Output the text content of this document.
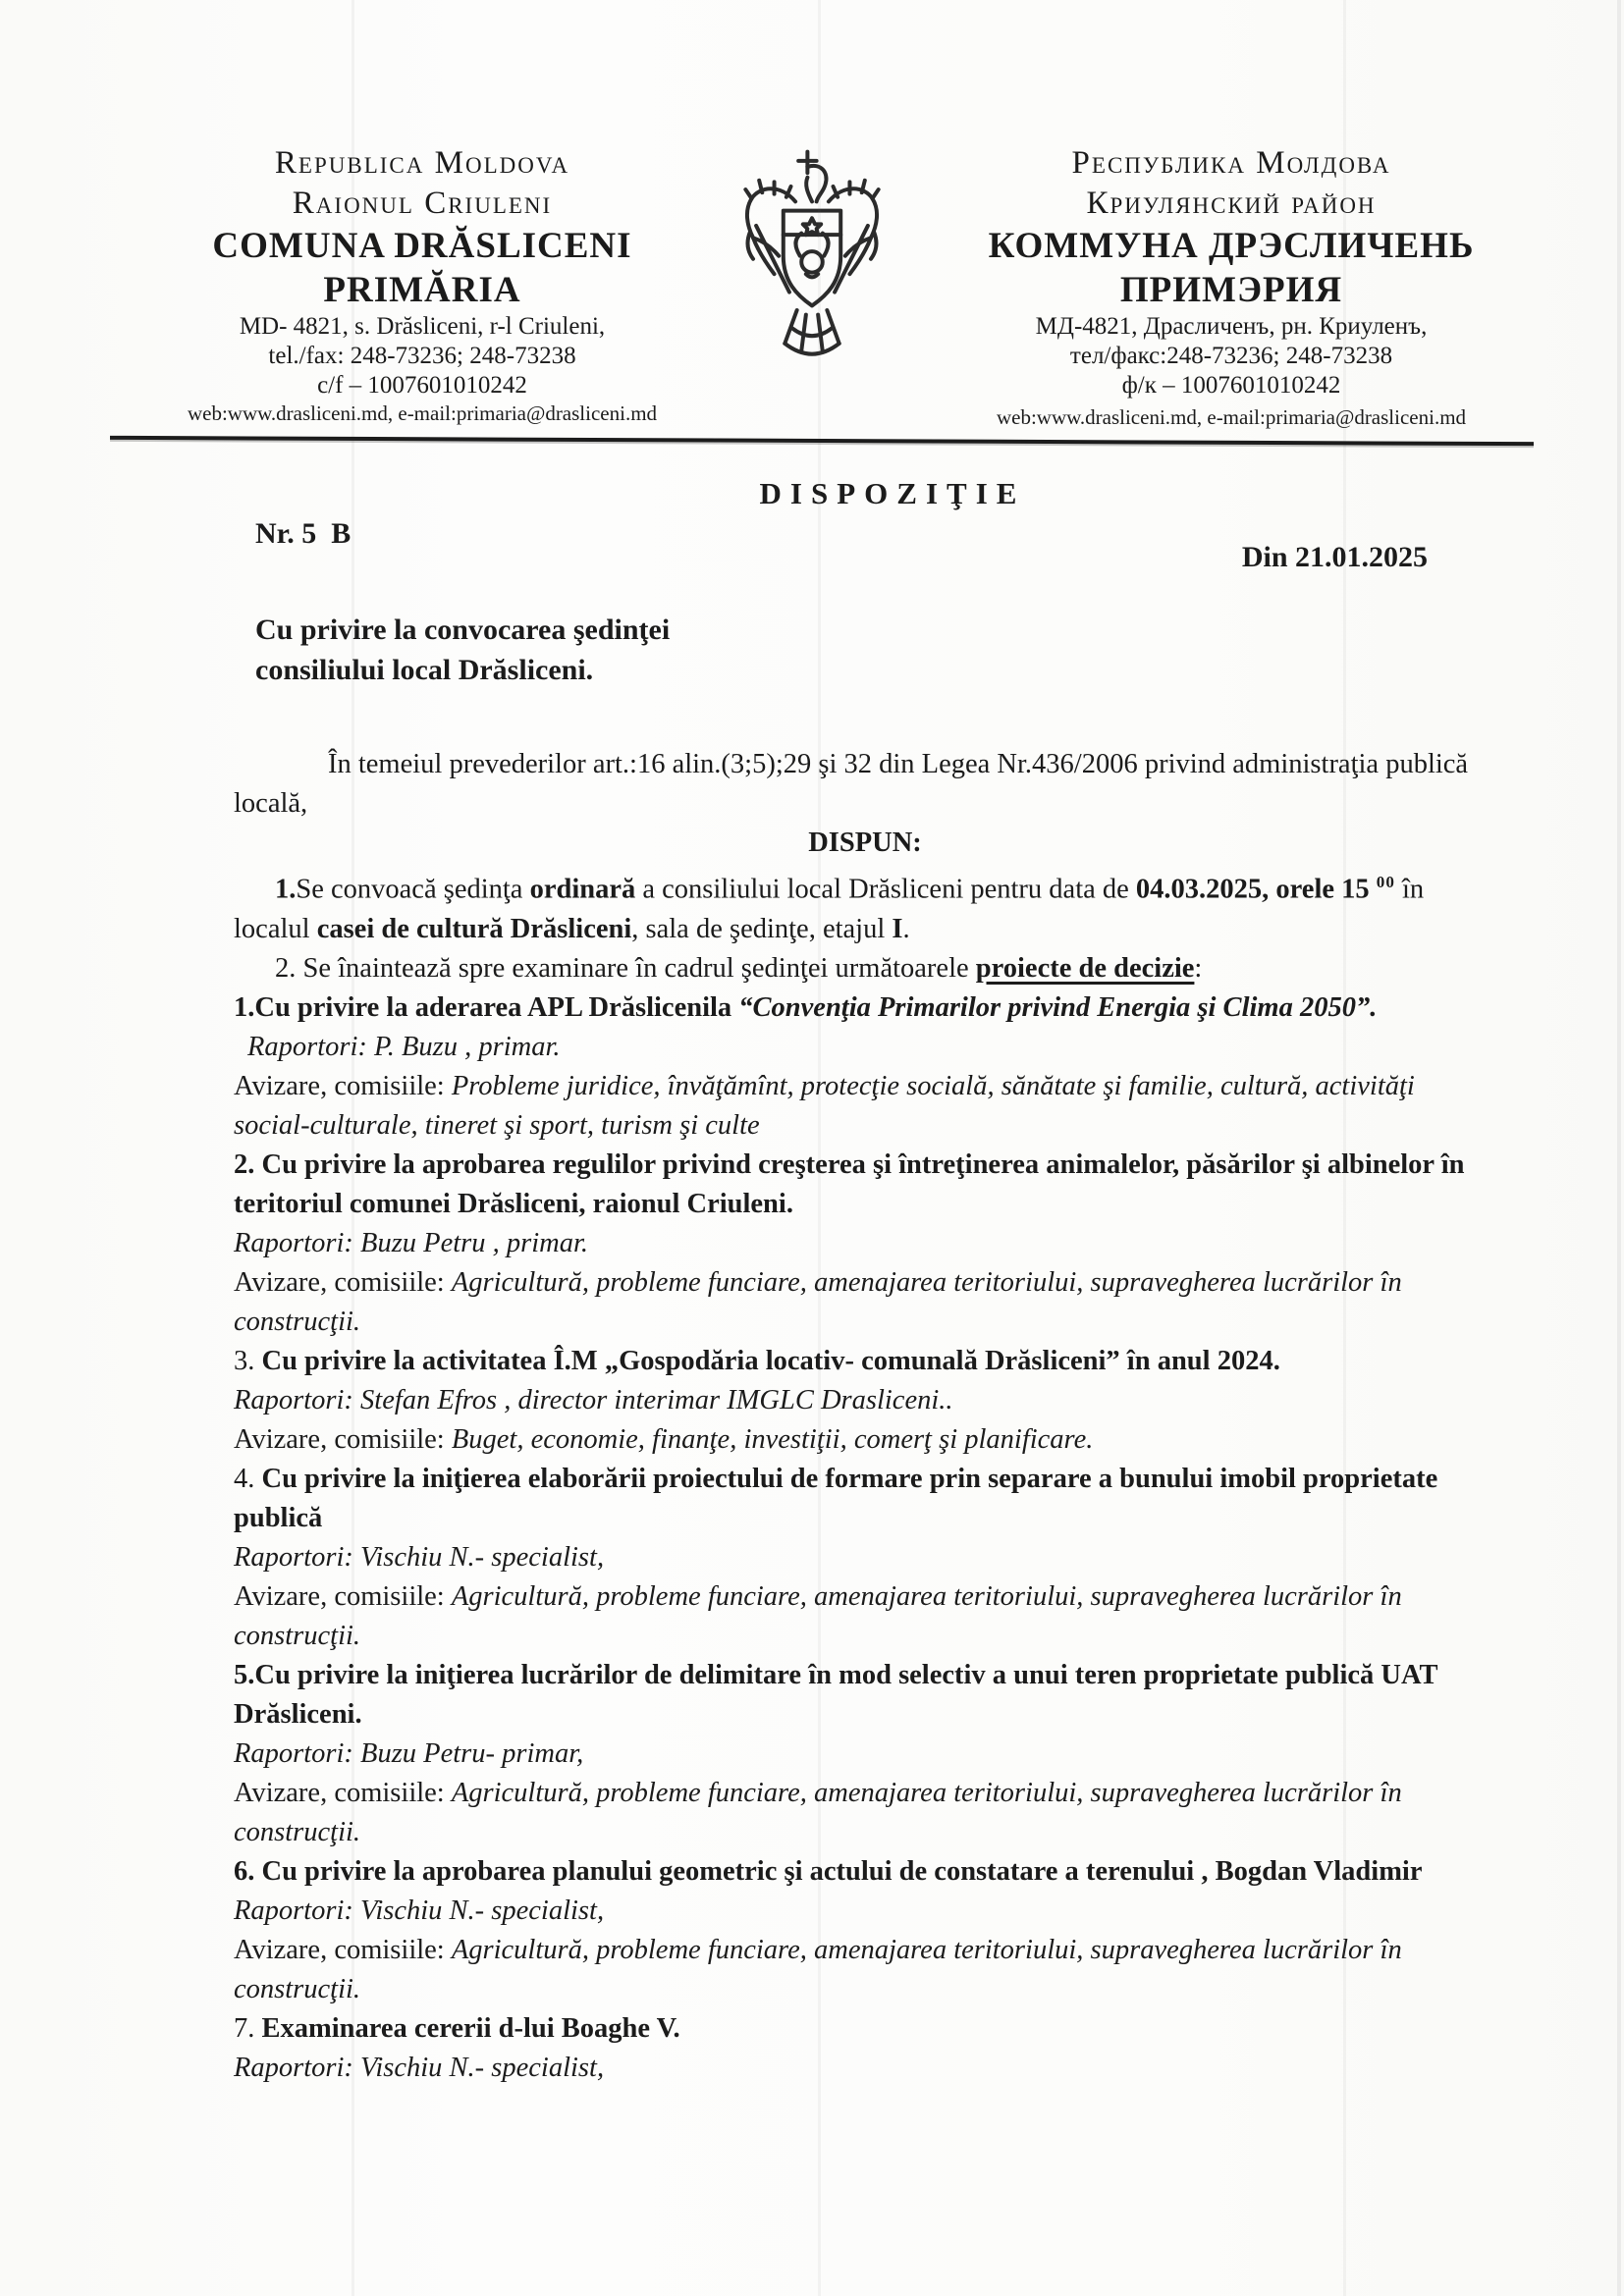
Republica Moldova
Raionul Criuleni
COMUNA DRĂSLICENI
PRIMĂRIA
MD- 4821, s. Drăsliceni, r-l Criuleni,
tel./fax: 248-73236; 248-73238
c/f – 1007601010242
web:www.drasliceni.md, e-mail:primaria@drasliceni.md
Республика Молдова
Криулянский район
КОММУНА ДРЭСЛИЧЕНЬ
ПРИМЭРИЯ
МД-4821, Драсличенъ, рн. Криуленъ,
тел/факс:248-73236; 248-73238
ф/к – 1007601010242
web:www.drasliceni.md, e-mail:primaria@drasliceni.md
DISPOZIŢIE
Nr. 5  B
Din 21.01.2025
Cu privire la convocarea şedinţei
consiliului local Drăsliceni.

În temeiul prevederilor art.:16 alin.(3;5);29 şi 32 din Legea Nr.436/2006 privind administraţia publică locală,

DISPUN:

1.Se convoacă şedinţa ordinară a consiliului local Drăsliceni pentru data de 04.03.2025, orele 15 $^{00}$ în localul casei de cultură Drăsliceni, sala de şedinţe, etajul I.

2. Se înaintează spre examinare în cadrul şedinţei următoarele proiecte de decizie:

1.Cu privire la aderarea APL Drăslicenila “Convenţia Primarilor privind Energia şi Clima 2050”.

Raportori: P. Buzu , primar.

Avizare, comisiile: Probleme juridice, învăţămînt, protecţie socială, sănătate şi familie, cultură, activităţi social-culturale, tineret şi sport, turism şi culte

2. Cu privire la aprobarea regulilor privind creşterea şi întreţinerea animalelor, păsărilor şi albinelor în teritoriul comunei Drăsliceni, raionul Criuleni.

Raportori: Buzu Petru , primar.

Avizare, comisiile: Agricultură, probleme funciare, amenajarea teritoriului, supravegherea lucrărilor în construcţii.

3. Cu privire la activitatea Î.M „Gospodăria locativ- comunală Drăsliceni” în anul 2024.

Raportori: Stefan Efros , director interimar IMGLC Drasliceni..

Avizare, comisiile: Buget, economie, finanţe, investiţii, comerţ şi planificare.

4. Cu privire la iniţierea elaborării proiectului de formare prin separare a bunului imobil proprietate publică

Raportori: Vischiu N.- specialist,

Avizare, comisiile: Agricultură, probleme funciare, amenajarea teritoriului, supravegherea lucrărilor în construcţii.

5.Cu privire la iniţierea lucrărilor de delimitare în mod selectiv a unui teren proprietate publică UAT Drăsliceni.

Raportori: Buzu Petru- primar,

Avizare, comisiile: Agricultură, probleme funciare, amenajarea teritoriului, supravegherea lucrărilor în construcţii.

6. Cu privire la aprobarea planului geometric şi actului de constatare a terenului , Bogdan Vladimir

Raportori: Vischiu N.- specialist,

Avizare, comisiile: Agricultură, probleme funciare, amenajarea teritoriului, supravegherea lucrărilor în construcţii.

7. Examinarea cererii d-lui Boaghe V.

Raportori: Vischiu N.- specialist,
